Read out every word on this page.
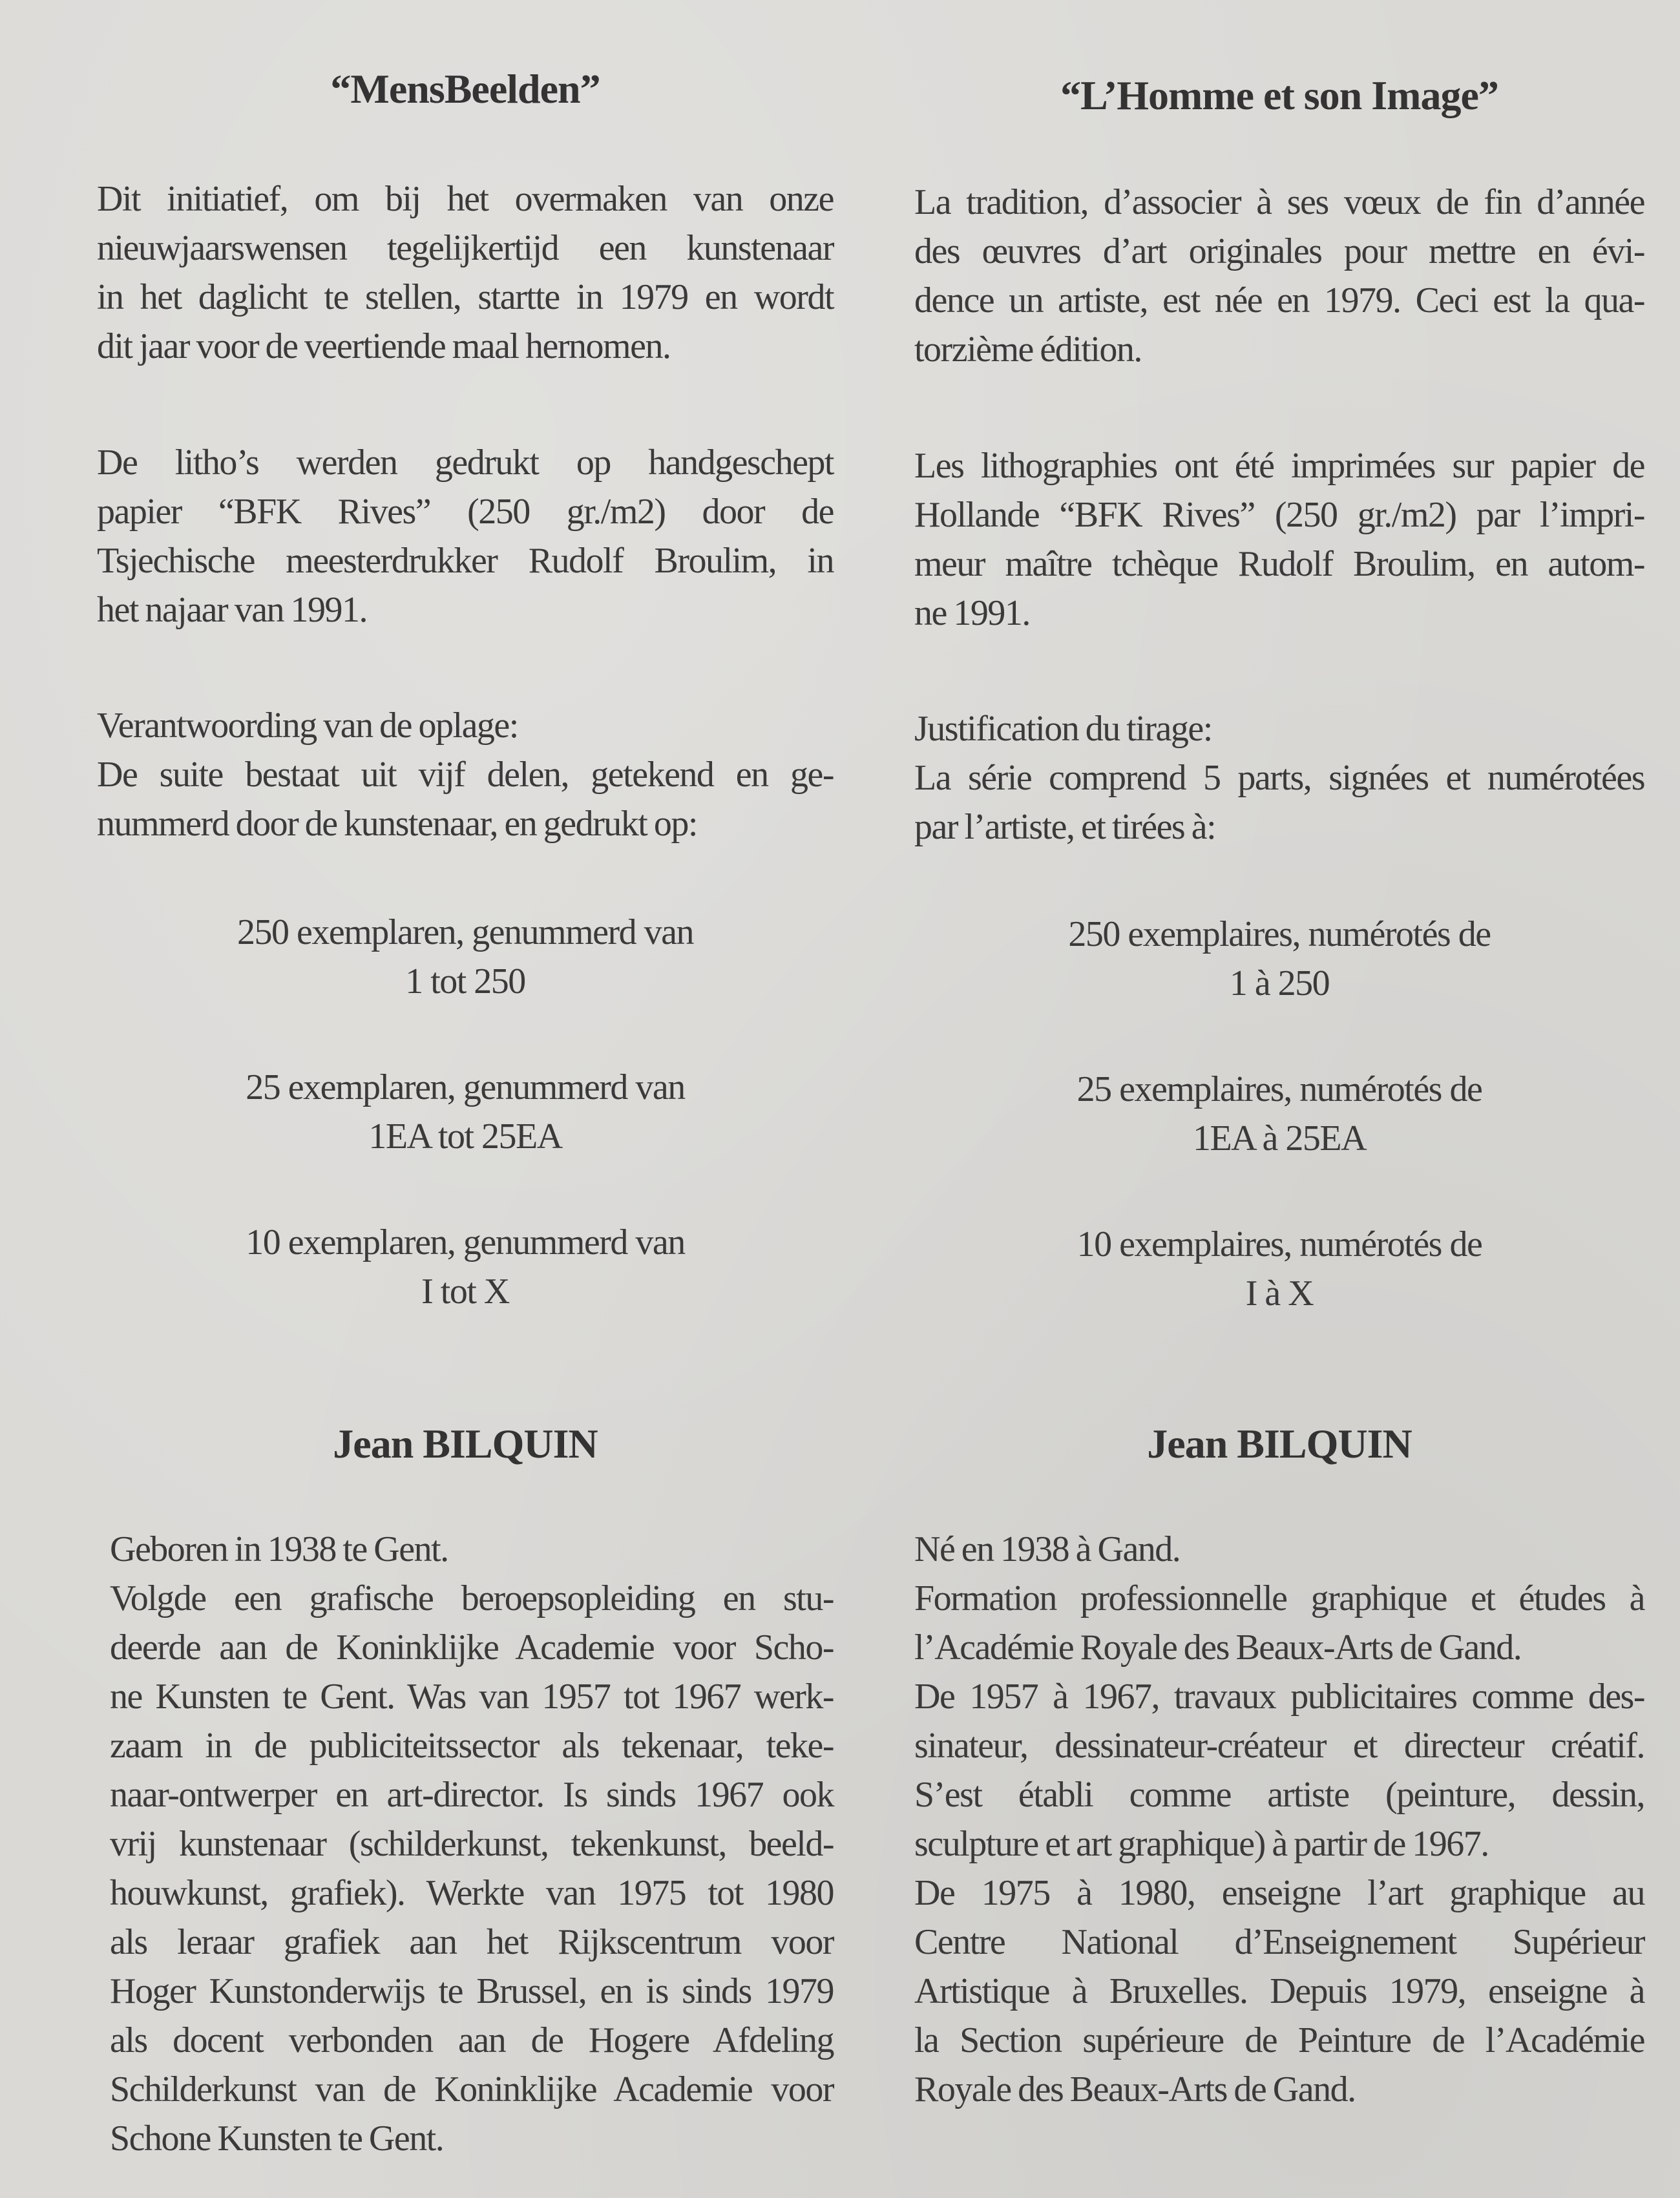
“MensBeelden”
Dit initiatief, om bij het overmaken van onze
nieuwjaarswensen tegelijkertijd een kunstenaar
in het daglicht te stellen, startte in 1979 en wordt
dit jaar voor de veertiende maal hernomen.
De litho’s werden gedrukt op handgeschept
papier “BFK Rives” (250 gr./m2) door de
Tsjechische meesterdrukker Rudolf Broulim, in
het najaar van 1991.
Verantwoording van de oplage:
De suite bestaat uit vijf delen, getekend en ge-
nummerd door de kunstenaar, en gedrukt op:
250 exemplaren, genummerd van
1 tot 250
25 exemplaren, genummerd van
1EA tot 25EA
10 exemplaren, genummerd van
I tot X
Jean BILQUIN
Geboren in 1938 te Gent.
Volgde een grafische beroepsopleiding en stu-
deerde aan de Koninklijke Academie voor Scho-
ne Kunsten te Gent. Was van 1957 tot 1967 werk-
zaam in de publiciteitssector als tekenaar, teke-
naar-ontwerper en art-director. Is sinds 1967 ook
vrij kunstenaar (schilderkunst, tekenkunst, beeld-
houwkunst, grafiek). Werkte van 1975 tot 1980
als leraar grafiek aan het Rijkscentrum voor
Hoger Kunstonderwijs te Brussel, en is sinds 1979
als docent verbonden aan de Hogere Afdeling
Schilderkunst van de Koninklijke Academie voor
Schone Kunsten te Gent.
“L’Homme et son Image”
La tradition, d’associer à ses vœux de fin d’année
des œuvres d’art originales pour mettre en évi-
dence un artiste, est née en 1979. Ceci est la qua-
torzième édition.
Les lithographies ont été imprimées sur papier de
Hollande “BFK Rives” (250 gr./m2) par l’impri-
meur maître tchèque Rudolf Broulim, en autom-
ne 1991.
Justification du tirage:
La série comprend 5 parts, signées et numérotées
par l’artiste, et tirées à:
250 exemplaires, numérotés de
1 à 250
25 exemplaires, numérotés de
1EA à 25EA
10 exemplaires, numérotés de
I à X
Jean BILQUIN
Né en 1938 à Gand.
Formation professionnelle graphique et études à
l’Académie Royale des Beaux-Arts de Gand.
De 1957 à 1967, travaux publicitaires comme des-
sinateur, dessinateur-créateur et directeur créatif.
S’est établi comme artiste (peinture, dessin,
sculpture et art graphique) à partir de 1967.
De 1975 à 1980, enseigne l’art graphique au
Centre National d’Enseignement Supérieur
Artistique à Bruxelles. Depuis 1979, enseigne à
la Section supérieure de Peinture de l’Académie
Royale des Beaux-Arts de Gand.
